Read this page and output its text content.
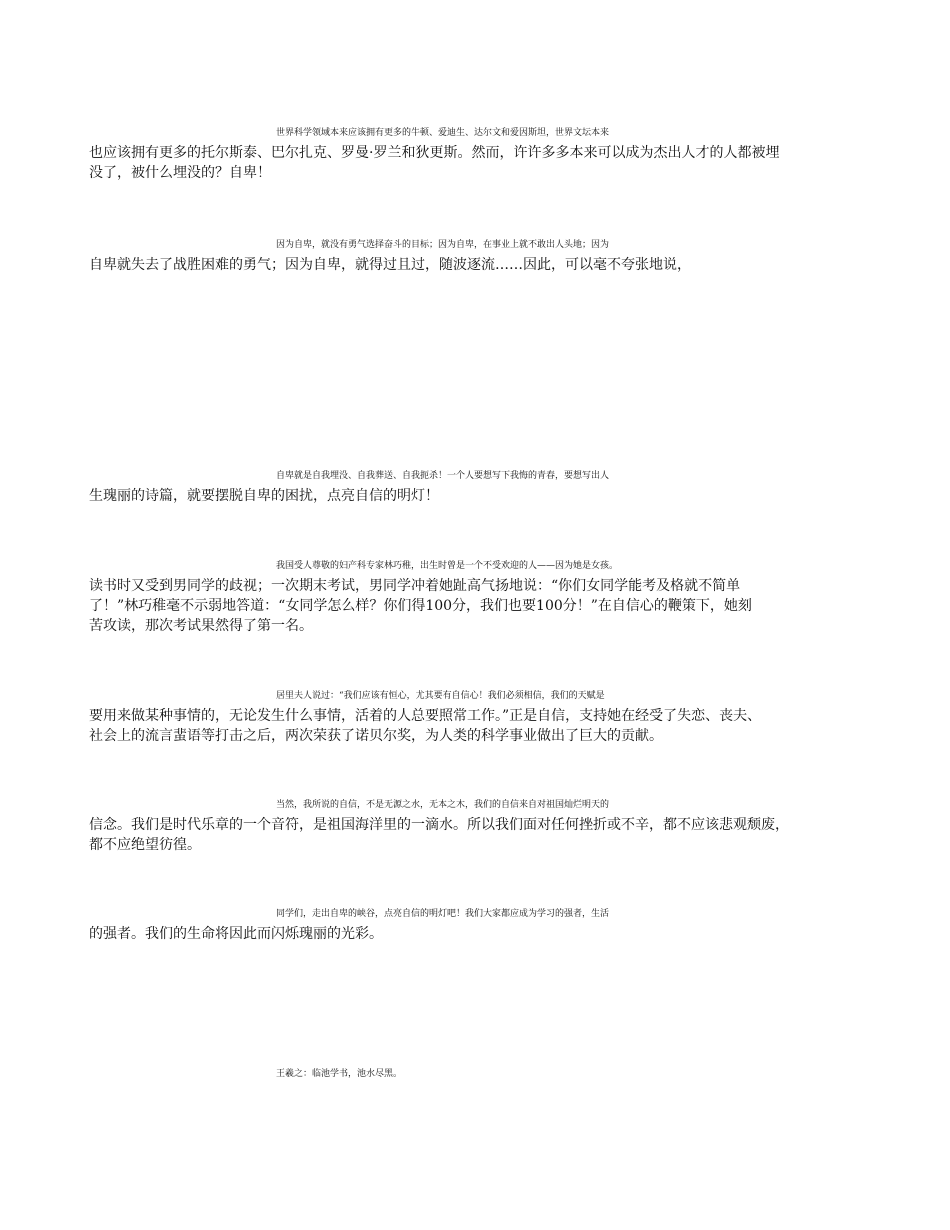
世界科学领域本来应该拥有更多的牛顿、爱迪生、达尔文和爱因斯坦，世界文坛本来
也应该拥有更多的托尔斯泰、巴尔扎克、罗曼·罗兰和狄更斯。然而，许许多多本来可以成为杰出人才的人都被埋
没了，被什么埋没的？自卑！

因为自卑，就没有勇气选择奋斗的目标；因为自卑，在事业上就不敢出人头地；因为
自卑就失去了战胜困难的勇气；因为自卑，就得过且过，随波逐流……因此，可以毫不夸张地说，

自卑就是自我埋没、自我葬送、自我扼杀！一个人要想写下我悔的青春，要想写出人
生瑰丽的诗篇，就要摆脱自卑的困扰，点亮自信的明灯！

我国受人尊敬的妇产科专家林巧稚，出生时曾是一个不受欢迎的人——因为她是女孩。
读书时又受到男同学的歧视；一次期末考试，男同学冲着她趾高气扬地说：“你们女同学能考及格就不简单
了！”林巧稚毫不示弱地答道：“女同学怎么样？你们得100分，我们也要100分！”在自信心的鞭策下，她刻
苦攻读，那次考试果然得了第一名。

居里夫人说过：“我们应该有恒心，尤其要有自信心！我们必须相信，我们的天赋是
要用来做某种事情的，无论发生什么事情，活着的人总要照常工作。”正是自信，支持她在经受了失恋、丧夫、
社会上的流言蜚语等打击之后，两次荣获了诺贝尔奖，为人类的科学事业做出了巨大的贡献。

当然，我所说的自信，不是无源之水，无本之木，我们的自信来自对祖国灿烂明天的
信念。我们是时代乐章的一个音符，是祖国海洋里的一滴水。所以我们面对任何挫折或不辛，都不应该悲观颓废，
都不应绝望彷徨。

同学们，走出自卑的峡谷，点亮自信的明灯吧！我们大家都应成为学习的强者，生活
的强者。我们的生命将因此而闪烁瑰丽的光彩。

王羲之：临池学书，池水尽黑。
